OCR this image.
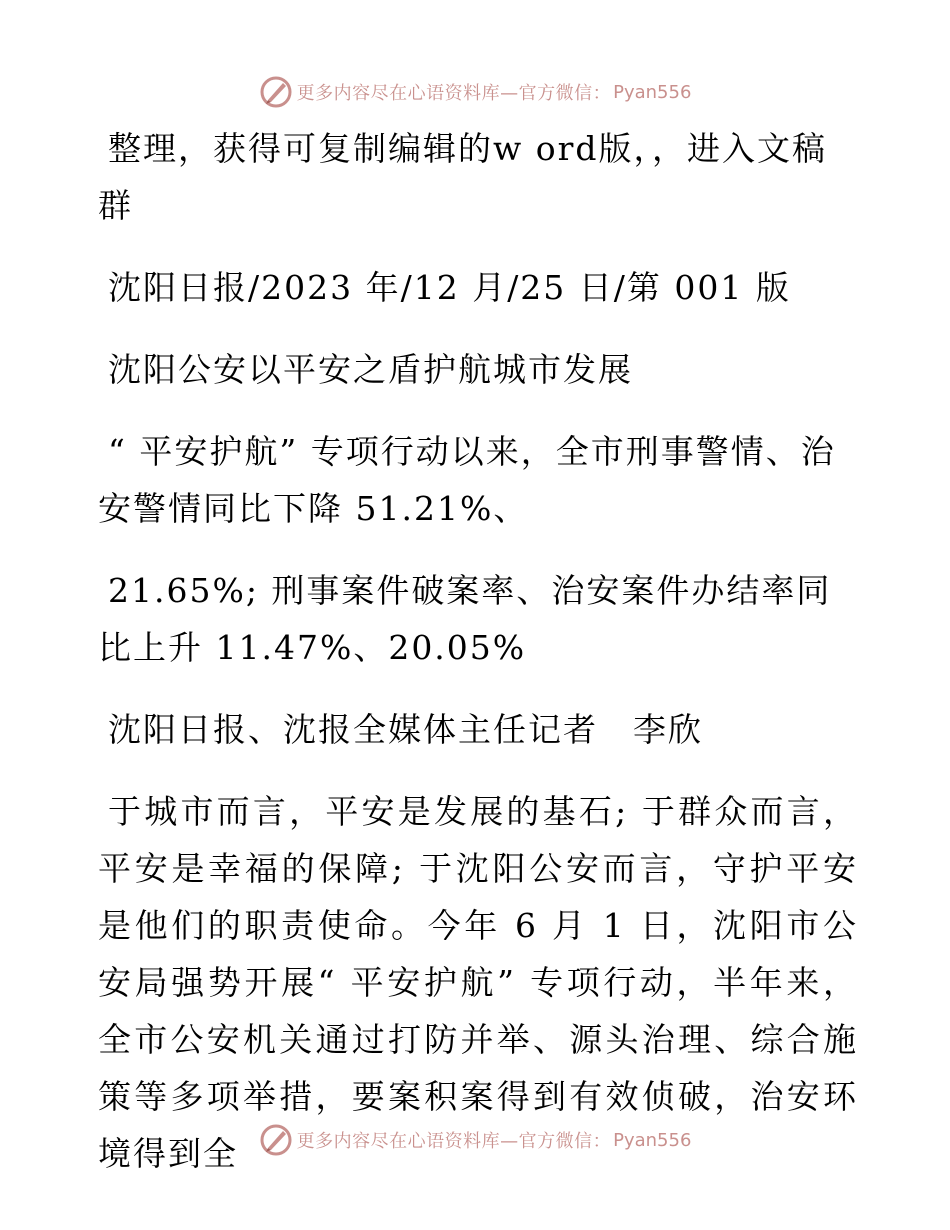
更多内容尽在心语资料库—官方微信： Pyan556

整理，获得可复制编辑的w ord版，，进入文稿群

沈阳日报/2023 年/12 月/25 日/第 001 版

沈阳公安以平安之盾护航城市发展

“ 平安护航” 专项行动以来，全市刑事警情、治安警情同比下降 51.21%、

21.65%; 刑事案件破案率、治安案件办结率同比上升 11.47%、20.05%

沈阳日报、沈报全媒体主任记者　李欣

于城市而言，平安是发展的基石; 于群众而言，平安是幸福的保障; 于沈阳公安而言，守护平安是他们的职责使命。今年 6 月 1 日，沈阳市公安局强势开展“ 平安护航” 专项行动，半年来，全市公安机关通过打防并举、源头治理、综合施策等多项举措，要案积案得到有效侦破，治安环境得到全	更多内容尽在心语资料库—官方微信： Pyan556
